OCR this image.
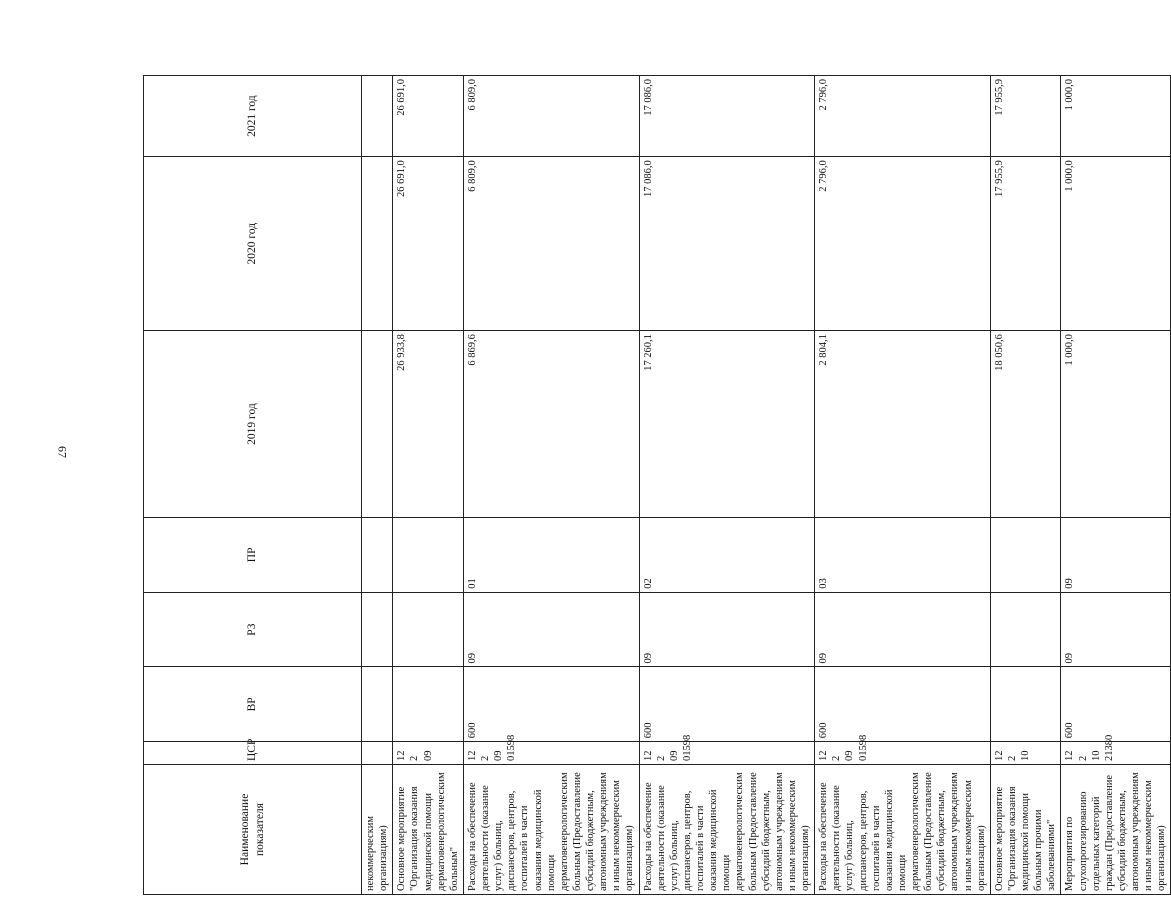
67
Наименование показателя	ЦСР	ВР	РЗ	ПР	2019 год	2020 год	2021 год
некоммерческим организациям)							
Основное мероприятие "Организация оказания медицинской помощи дерматовенерологическим больным"	12 2 09				26 933,8	26 691,0	26 691,0
Расходы на обеспечение деятельности (оказание услуг) больниц, диспансеров, центров, госпиталей в части оказания медицинской помощи дерматовенерологическим больным (Предоставление субсидий бюджетным, автономным учреждениям и иным некоммерческим организациям)	12 2 09 01598	600	09	01	6 869,6	6 809,0	6 809,0
Расходы на обеспечение деятельности (оказание услуг) больниц, диспансеров, центров, госпиталей в части оказания медицинской помощи дерматовенерологическим больным (Предоставление субсидий бюджетным, автономным учреждениям и иным некоммерческим организациям)	12 2 09 01598	600	09	02	17 260,1	17 086,0	17 086,0
Расходы на обеспечение деятельности (оказание услуг) больниц, диспансеров, центров, госпиталей в части оказания медицинской помощи дерматовенерологическим больным (Предоставление субсидий бюджетным, автономным учреждениям и иным некоммерческим организациям)	12 2 09 01598	600	09	03	2 804,1	2 796,0	2 796,0
Основное мероприятие "Организация оказания медицинской помощи больным прочими заболеваниями"	12 2 10				18 050,6	17 955,9	17 955,9
Мероприятия по слухопротезированию отдельных категорий граждан (Предоставление субсидий бюджетным, автономным учреждениям и иным некоммерческим организациям)	12 2 10 21380	600	09	09	1 000,0	1 000,0	1 000,0
